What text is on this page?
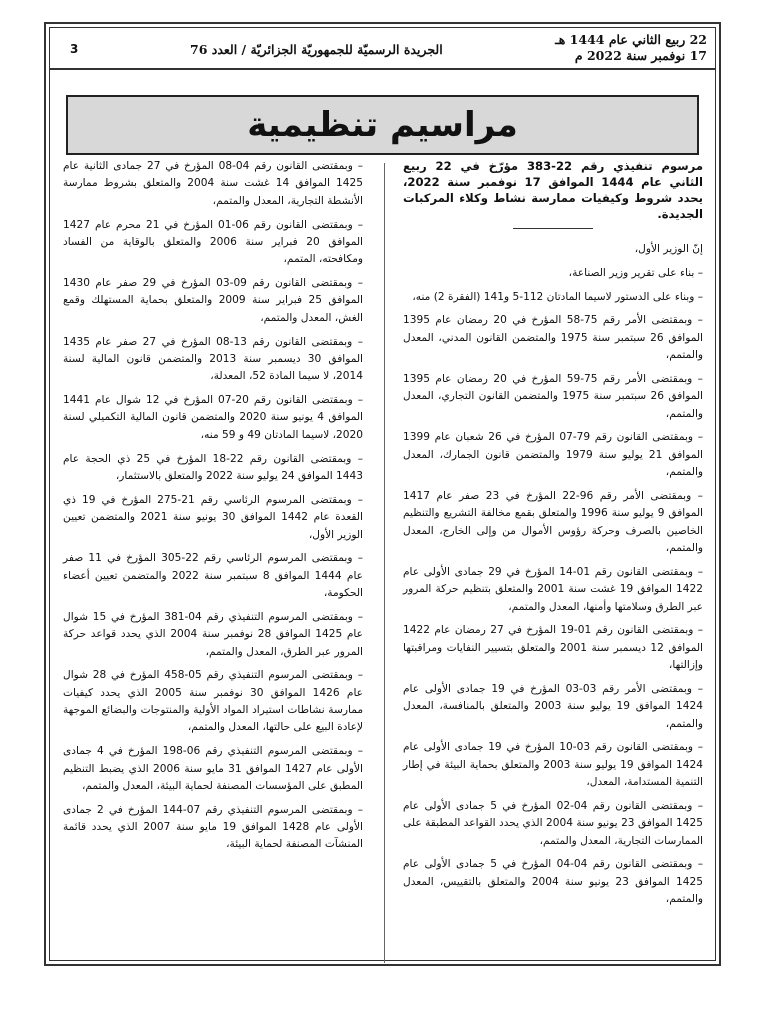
22 ربيع الثاني عام 1444 هـ
17 نوفمبر سنة 2022 م
الجريدة الرسميّة للجمهوريّة الجزائريّة / العدد 76
3
مراسيم تنظيمية

مرسوم تنفيذي رقم 22-383 مؤرّخ في 22 ربيع الثاني عام 1444 الموافق 17 نوفمبر سنة 2022، يحدد شروط وكيفيات ممارسة نشاط وكلاء المركبات الجديدة.

إنّ الوزير الأول،

– بناء على تقرير وزير الصناعة،

– وبناء على الدستور لاسيما المادتان 112-5 و141 (الفقرة 2) منه،

– وبمقتضى الأمر رقم 75-58 المؤرخ في 20 رمضان عام 1395 الموافق 26 سبتمبر سنة 1975 والمتضمن القانون المدني، المعدل والمتمم،

– وبمقتضى الأمر رقم 75-59 المؤرخ في 20 رمضان عام 1395 الموافق 26 سبتمبر سنة 1975 والمتضمن القانون التجاري، المعدل والمتمم،

– وبمقتضى القانون رقم 79-07 المؤرخ في 26 شعبان عام 1399 الموافق 21 يوليو سنة 1979 والمتضمن قانون الجمارك، المعدل والمتمم،

– وبمقتضى الأمر رقم 96-22 المؤرخ في 23 صفر عام 1417 الموافق 9 يوليو سنة 1996 والمتعلق بقمع مخالفة التشريع والتنظيم الخاصين بالصرف وحركة رؤوس الأموال من وإلى الخارج، المعدل والمتمم،

– وبمقتضى القانون رقم 01-14 المؤرخ في 29 جمادى الأولى عام 1422 الموافق 19 غشت سنة 2001 والمتعلق بتنظيم حركة المرور عبر الطرق وسلامتها وأمنها، المعدل والمتمم،

– وبمقتضى القانون رقم 01-19 المؤرخ في 27 رمضان عام 1422 الموافق 12 ديسمبر سنة 2001 والمتعلق بتسيير النفايات ومراقبتها وإزالتها،

– وبمقتضى الأمر رقم 03-03 المؤرخ في 19 جمادى الأولى عام 1424 الموافق 19 يوليو سنة 2003 والمتعلق بالمنافسة، المعدل والمتمم،

– وبمقتضى القانون رقم 03-10 المؤرخ في 19 جمادى الأولى عام 1424 الموافق 19 يوليو سنة 2003 والمتعلق بحماية البيئة في إطار التنمية المستدامة، المعدل،

– وبمقتضى القانون رقم 04-02 المؤرخ في 5 جمادى الأولى عام 1425 الموافق 23 يونيو سنة 2004 الذي يحدد القواعد المطبقة على الممارسات التجارية، المعدل والمتمم،

– وبمقتضى القانون رقم 04-04 المؤرخ في 5 جمادى الأولى عام 1425 الموافق 23 يونيو سنة 2004 والمتعلق بالتقييس، المعدل والمتمم،

– وبمقتضى القانون رقم 04-08 المؤرخ في 27 جمادى الثانية عام 1425 الموافق 14 غشت سنة 2004 والمتعلق بشروط ممارسة الأنشطة التجارية، المعدل والمتمم،

– وبمقتضى القانون رقم 06-01 المؤرخ في 21 محرم عام 1427 الموافق 20 فبراير سنة 2006 والمتعلق بالوقاية من الفساد ومكافحته، المتمم،

– وبمقتضى القانون رقم 09-03 المؤرخ في 29 صفر عام 1430 الموافق 25 فبراير سنة 2009 والمتعلق بحماية المستهلك وقمع الغش، المعدل والمتمم،

– وبمقتضى القانون رقم 13-08 المؤرخ في 27 صفر عام 1435 الموافق 30 ديسمبر سنة 2013 والمتضمن قانون المالية لسنة 2014، لا سيما المادة 52، المعدلة،

– وبمقتضى القانون رقم 20-07 المؤرخ في 12 شوال عام 1441 الموافق 4 يونيو سنة 2020 والمتضمن قانون المالية التكميلي لسنة 2020، لاسيما المادتان 49 و 59 منه،

– وبمقتضى القانون رقم 22-18 المؤرخ في 25 ذي الحجة عام 1443 الموافق 24 يوليو سنة 2022 والمتعلق بالاستثمار،

– وبمقتضى المرسوم الرئاسي رقم 21-275 المؤرخ في 19 ذي القعدة عام 1442 الموافق 30 يونيو سنة 2021 والمتضمن تعيين الوزير الأول،

– وبمقتضى المرسوم الرئاسي رقم 22-305 المؤرخ في 11 صفر عام 1444 الموافق 8 سبتمبر سنة 2022 والمتضمن تعيين أعضاء الحكومة،

– وبمقتضى المرسوم التنفيذي رقم 04-381 المؤرخ في 15 شوال عام 1425 الموافق 28 نوفمبر سنة 2004 الذي يحدد قواعد حركة المرور عبر الطرق، المعدل والمتمم،

– وبمقتضى المرسوم التنفيذي رقم 05-458 المؤرخ في 28 شوال عام 1426 الموافق 30 نوفمبر سنة 2005 الذي يحدد كيفيات ممارسة نشاطات استيراد المواد الأولية والمنتوجات والبضائع الموجهة لإعادة البيع على حالتها، المعدل والمتمم،

– وبمقتضى المرسوم التنفيذي رقم 06-198 المؤرخ في 4 جمادى الأولى عام 1427 الموافق 31 مايو سنة 2006 الذي يضبط التنظيم المطبق على المؤسسات المصنفة لحماية البيئة، المعدل والمتمم،

– وبمقتضى المرسوم التنفيذي رقم 07-144 المؤرخ في 2 جمادى الأولى عام 1428 الموافق 19 مايو سنة 2007 الذي يحدد قائمة المنشآت المصنفة لحماية البيئة،
